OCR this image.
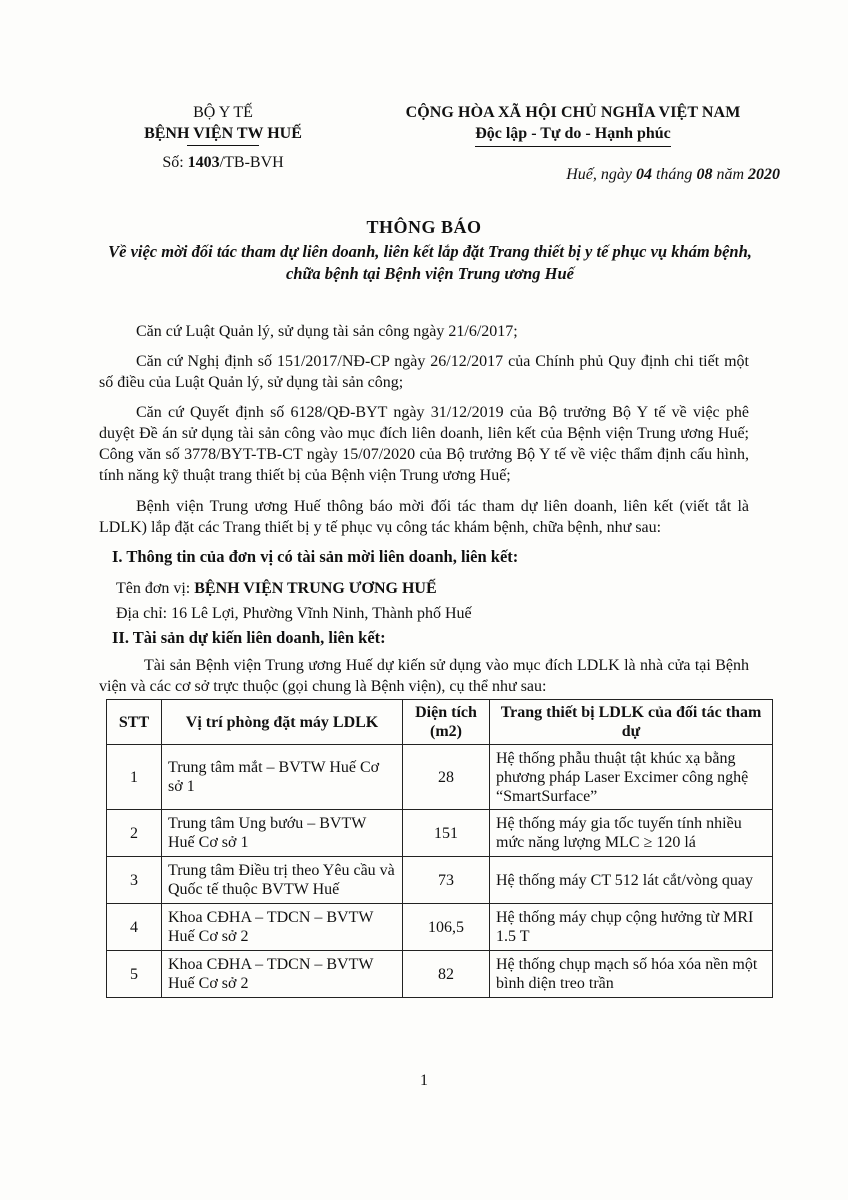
BỘ Y TẾ
BỆNH VIỆN TW HUẾ
Số: 1403/TB-BVH
CỘNG HÒA XÃ HỘI CHỦ NGHĨA VIỆT NAM
Độc lập - Tự do - Hạnh phúc
Huế, ngày 04 tháng 08 năm 2020
THÔNG BÁO
Về việc mời đối tác tham dự liên doanh, liên kết lắp đặt Trang thiết bị y tế phục vụ khám bệnh, chữa bệnh tại Bệnh viện Trung ương Huế
Căn cứ Luật Quản lý, sử dụng tài sản công ngày 21/6/2017;
Căn cứ Nghị định số 151/2017/NĐ-CP ngày 26/12/2017 của Chính phủ Quy định chi tiết một số điều của Luật Quản lý, sử dụng tài sản công;
Căn cứ Quyết định số 6128/QĐ-BYT ngày 31/12/2019 của Bộ trưởng Bộ Y tế về việc phê duyệt Đề án sử dụng tài sản công vào mục đích liên doanh, liên kết của Bệnh viện Trung ương Huế; Công văn số 3778/BYT-TB-CT ngày 15/07/2020 của Bộ trưởng Bộ Y tế về việc thẩm định cấu hình, tính năng kỹ thuật trang thiết bị của Bệnh viện Trung ương Huế;
Bệnh viện Trung ương Huế thông báo mời đối tác tham dự liên doanh, liên kết (viết tắt là LDLK) lắp đặt các Trang thiết bị y tế phục vụ công tác khám bệnh, chữa bệnh, như sau:
I. Thông tin của đơn vị có tài sản mời liên doanh, liên kết:
Tên đơn vị: BỆNH VIỆN TRUNG ƯƠNG HUẾ
Địa chỉ: 16 Lê Lợi, Phường Vĩnh Ninh, Thành phố Huế
II. Tài sản dự kiến liên doanh, liên kết:
Tài sản Bệnh viện Trung ương Huế dự kiến sử dụng vào mục đích LDLK là nhà cửa tại Bệnh viện và các cơ sở trực thuộc (gọi chung là Bệnh viện), cụ thể như sau:
STT	Vị trí phòng đặt máy LDLK	Diện tích (m2)	Trang thiết bị LDLK của đối tác tham dự
1	Trung tâm mắt – BVTW Huế Cơ sở 1	28	Hệ thống phẫu thuật tật khúc xạ bằng phương pháp Laser Excimer công nghệ “SmartSurface”
2	Trung tâm Ung bướu – BVTW Huế Cơ sở 1	151	Hệ thống máy gia tốc tuyến tính nhiều mức năng lượng MLC ≥ 120 lá
3	Trung tâm Điều trị theo Yêu cầu và Quốc tế thuộc BVTW Huế	73	Hệ thống máy CT 512 lát cắt/vòng quay
4	Khoa CĐHA – TDCN – BVTW Huế Cơ sở 2	106,5	Hệ thống máy chụp cộng hưởng từ MRI 1.5 T
5	Khoa CĐHA – TDCN – BVTW Huế Cơ sở 2	82	Hệ thống chụp mạch số hóa xóa nền một bình diện treo trần
1
